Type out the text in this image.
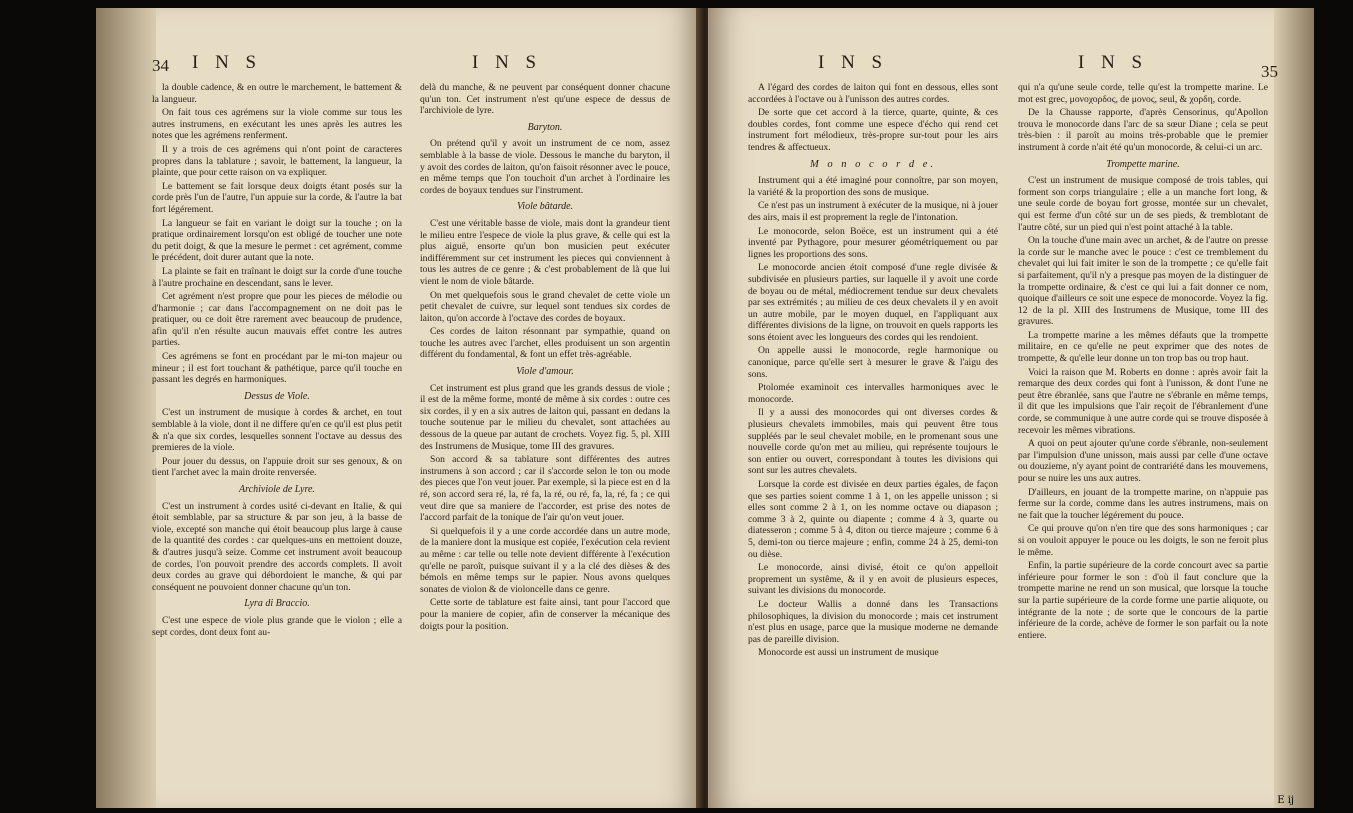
34 I N S	I N S

la double cadence, & en outre le marchement, le battement & la langueur.

On fait tous ces agrémens sur la viole comme sur tous les autres instrumens, en exécutant les unes après les autres les notes que les agrémens renferment.

Il y a trois de ces agrémens qui n'ont point de caracteres propres dans la tablature ; savoir, le battement, la langueur, la plainte, que pour cette raison on va expliquer.

Le battement se fait lorsque deux doigts étant posés sur la corde près l'un de l'autre, l'un appuie sur la corde, & l'autre la bat fort légérement.

La langueur se fait en variant le doigt sur la touche ; on la pratique ordinairement lorsqu'on est obligé de toucher une note du petit doigt, & que la mesure le permet : cet agrément, comme le précédent, doit durer autant que la note.

La plainte se fait en traînant le doigt sur la corde d'une touche à l'autre prochaine en descendant, sans le lever.

Cet agrément n'est propre que pour les pieces de mélodie ou d'harmonie ; car dans l'accompagnement on ne doit pas le pratiquer, ou ce doit être rarement avec beaucoup de prudence, afin qu'il n'en résulte aucun mauvais effet contre les autres parties.

Ces agrémens se font en procédant par le mi-ton majeur ou mineur ; il est fort touchant & pathétique, parce qu'il touche en passant les degrés en harmoniques.

Dessus de Viole.

C'est un instrument de musique à cordes & archet, en tout semblable à la viole, dont il ne differe qu'en ce qu'il est plus petit & n'a que six cordes, lesquelles sonnent l'octave au dessus des premieres de la viole.

Pour jouer du dessus, on l'appuie droit sur ses genoux, & on tient l'archet avec la main droite renversée.

Archiviole de Lyre.

C'est un instrument à cordes usité ci-devant en Italie, & qui étoit semblable, par sa structure & par son jeu, à la basse de viole, excepté son manche qui étoit beaucoup plus large à cause de la quantité des cordes : car quelques-uns en mettoient douze, & d'autres jusqu'à seize. Comme cet instrument avoit beaucoup de cordes, l'on pouvoit prendre des accords complets. Il avoit deux cordes au grave qui débordoient le manche, & qui par conséquent ne pouvoient donner chacune qu'un ton.

Lyra di Braccio.

C'est une espece de viole plus grande que le violon ; elle a sept cordes, dont deux font au-

delà du manche, & ne peuvent par conséquent donner chacune qu'un ton. Cet instrument n'est qu'une espece de dessus de l'archiviole de lyre.

Baryton.

On prétend qu'il y avoit un instrument de ce nom, assez semblable à la basse de viole. Dessous le manche du baryton, il y avoit des cordes de laiton, qu'on faisoit résonner avec le pouce, en même temps que l'on touchoit d'un archet à l'ordinaire les cordes de boyaux tendues sur l'instrument.

Viole bâtarde.

C'est une véritable basse de viole, mais dont la grandeur tient le milieu entre l'espece de viole la plus grave, & celle qui est la plus aiguë, ensorte qu'un bon musicien peut exécuter indifféremment sur cet instrument les pieces qui conviennent à tous les autres de ce genre ; & c'est probablement de là que lui vient le nom de viole bâtarde.

On met quelquefois sous le grand chevalet de cette viole un petit chevalet de cuivre, sur lequel sont tendues six cordes de laiton, qu'on accorde à l'octave des cordes de boyaux.

Ces cordes de laiton résonnant par sympathie, quand on touche les autres avec l'archet, elles produisent un son argentin différent du fondamental, & font un effet très-agréable.

Viole d'amour.

Cet instrument est plus grand que les grands dessus de viole ; il est de la même forme, monté de même à six cordes : outre ces six cordes, il y en a six autres de laiton qui, passant en dedans la touche soutenue par le milieu du chevalet, sont attachées au dessous de la queue par autant de crochets. Voyez fig. 5, pl. XIII des Instrumens de Musique, tome III des gravures.

Son accord & sa tablature sont différentes des autres instrumens à son accord ; car il s'accorde selon le ton ou mode des pieces que l'on veut jouer. Par exemple, si la piece est en d la ré, son accord sera ré, la, ré fa, la ré, ou ré, fa, la, ré, fa ; ce qui veut dire que sa maniere de l'accorder, est prise des notes de l'accord parfait de la tonique de l'air qu'on veut jouer.

Si quelquefois il y a une corde accordée dans un autre mode, de la maniere dont la musique est copiée, l'exécution cela revient au même : car telle ou telle note devient différente à l'exécution qu'elle ne paroît, puisque suivant il y a la clé des dièses & des bémols en même temps sur le papier. Nous avons quelques sonates de violon & de violoncelle dans ce genre.

Cette sorte de tablature est faite ainsi, tant pour l'accord que pour la maniere de copier, afin de conserver la mécanique des doigts pour la position.

I N S	I N S	35

A l'égard des cordes de laiton qui font en dessous, elles sont accordées à l'octave ou à l'unisson des autres cordes.

De sorte que cet accord à la tierce, quarte, quinte, & ces doubles cordes, font comme une espece d'écho qui rend cet instrument fort mélodieux, très-propre sur-tout pour les airs tendres & affectueux.

M o n o c o r d e.

Instrument qui a été imaginé pour connoître, par son moyen, la variété & la proportion des sons de musique.

Ce n'est pas un instrument à exécuter de la musique, ni à jouer des airs, mais il est proprement la regle de l'intonation.

Le monocorde, selon Boëce, est un instrument qui a été inventé par Pythagore, pour mesurer géométriquement ou par lignes les proportions des sons.

Le monocorde ancien étoit composé d'une regle divisée & subdivisée en plusieurs parties, sur laquelle il y avoit une corde de boyau ou de métal, médiocrement tendue sur deux chevalets par ses extrémités ; au milieu de ces deux chevalets il y en avoit un autre mobile, par le moyen duquel, en l'appliquant aux différentes divisions de la ligne, on trouvoit en quels rapports les sons étoient avec les longueurs des cordes qui les rendoient.

On appelle aussi le monocorde, regle harmonique ou canonique, parce qu'elle sert à mesurer le grave & l'aigu des sons.

Ptolomée examinoit ces intervalles harmoniques avec le monocorde.

Il y a aussi des monocordes qui ont diverses cordes & plusieurs chevalets immobiles, mais qui peuvent être tous suppléés par le seul chevalet mobile, en le promenant sous une nouvelle corde qu'on met au milieu, qui représente toujours le son entier ou ouvert, correspondant à toutes les divisions qui sont sur les autres chevalets.

Lorsque la corde est divisée en deux parties égales, de façon que ses parties soient comme 1 à 1, on les appelle unisson ; si elles sont comme 2 à 1, on les nomme octave ou diapason ; comme 3 à 2, quinte ou diapente ; comme 4 à 3, quarte ou diatesseron ; comme 5 à 4, diton ou tierce majeure ; comme 6 à 5, demi-ton ou tierce majeure ; enfin, comme 24 à 25, demi-ton ou dièse.

Le monocorde, ainsi divisé, étoit ce qu'on appelloit proprement un systême, & il y en avoit de plusieurs especes, suivant les divisions du monocorde.

Le docteur Wallis a donné dans les Transactions philosophiques, la division du monocorde ; mais cet instrument n'est plus en usage, parce que la musique moderne ne demande pas de pareille division.

Monocorde est aussi un instrument de musique

qui n'a qu'une seule corde, telle qu'est la trompette marine. Le mot est grec, μονοχορδος, de μονος, seul, & χορδη, corde.

De la Chausse rapporte, d'après Censorinus, qu'Apollon trouva le monocorde dans l'arc de sa sœur Diane ; cela se peut très-bien : il paroît au moins très-probable que le premier instrument à corde n'ait été qu'un monocorde, & celui-ci un arc.

Trompette marine.

C'est un instrument de musique composé de trois tables, qui forment son corps triangulaire ; elle a un manche fort long, & une seule corde de boyau fort grosse, montée sur un chevalet, qui est ferme d'un côté sur un de ses pieds, & tremblotant de l'autre côté, sur un pied qui n'est point attaché à la table.

On la touche d'une main avec un archet, & de l'autre on presse la corde sur le manche avec le pouce : c'est ce tremblement du chevalet qui lui fait imiter le son de la trompette ; ce qu'elle fait si parfaitement, qu'il n'y a presque pas moyen de la distinguer de la trompette ordinaire, & c'est ce qui lui a fait donner ce nom, quoique d'ailleurs ce soit une espece de monocorde. Voyez la fig. 12 de la pl. XIII des Instrumens de Musique, tome III des gravures.

La trompette marine a les mêmes défauts que la trompette militaire, en ce qu'elle ne peut exprimer que des notes de trompette, & qu'elle leur donne un ton trop bas ou trop haut.

Voici la raison que M. Roberts en donne : après avoir fait la remarque des deux cordes qui font à l'unisson, & dont l'une ne peut être ébranlée, sans que l'autre ne s'ébranle en même temps, il dit que les impulsions que l'air reçoit de l'ébranlement d'une corde, se communique à une autre corde qui se trouve disposée à recevoir les mêmes vibrations.

A quoi on peut ajouter qu'une corde s'ébranle, non-seulement par l'impulsion d'une unisson, mais aussi par celle d'une octave ou douzieme, n'y ayant point de contrariété dans les mouvemens, pour se nuire les uns aux autres.

D'ailleurs, en jouant de la trompette marine, on n'appuie pas ferme sur la corde, comme dans les autres instrumens, mais on ne fait que la toucher légérement du pouce.

Ce qui prouve qu'on n'en tire que des sons harmoniques ; car si on vouloit appuyer le pouce ou les doigts, le son ne feroit plus le même.

Enfin, la partie supérieure de la corde concourt avec sa partie inférieure pour former le son : d'où il faut conclure que la trompette marine ne rend un son musical, que lorsque la touche sur la partie supérieure de la corde forme une partie aliquote, ou intégrante de la note ; de sorte que le concours de la partie inférieure de la corde, achève de former le son parfait ou la note entiere.

E ij
